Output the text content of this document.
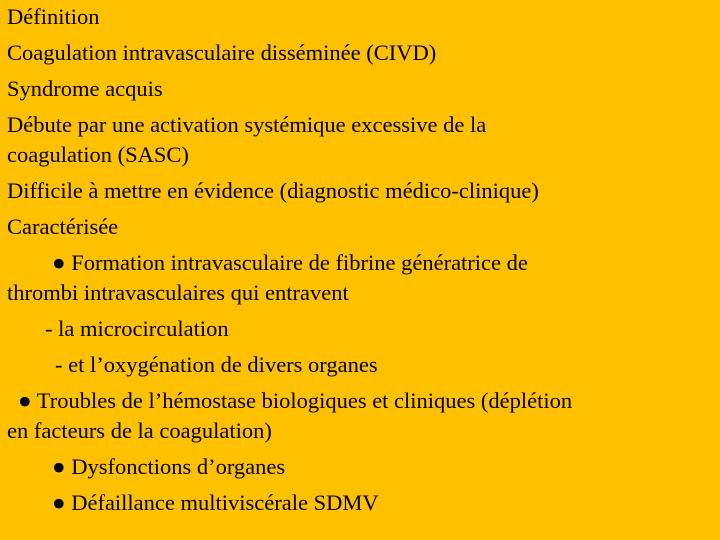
Définition
Coagulation intravasculaire disséminée (CIVD)
Syndrome acquis
Débute par une activation systémique excessive de la
coagulation (SASC)
Difficile à mettre en évidence (diagnostic médico-clinique)
Caractérisée
● Formation intravasculaire de fibrine génératrice de
thrombi intravasculaires qui entravent
- la microcirculation
- et l’oxygénation de divers organes
● Troubles de l’hémostase biologiques et cliniques (déplétion
en facteurs de la coagulation)
● Dysfonctions d’organes
● Défaillance multiviscérale SDMV
